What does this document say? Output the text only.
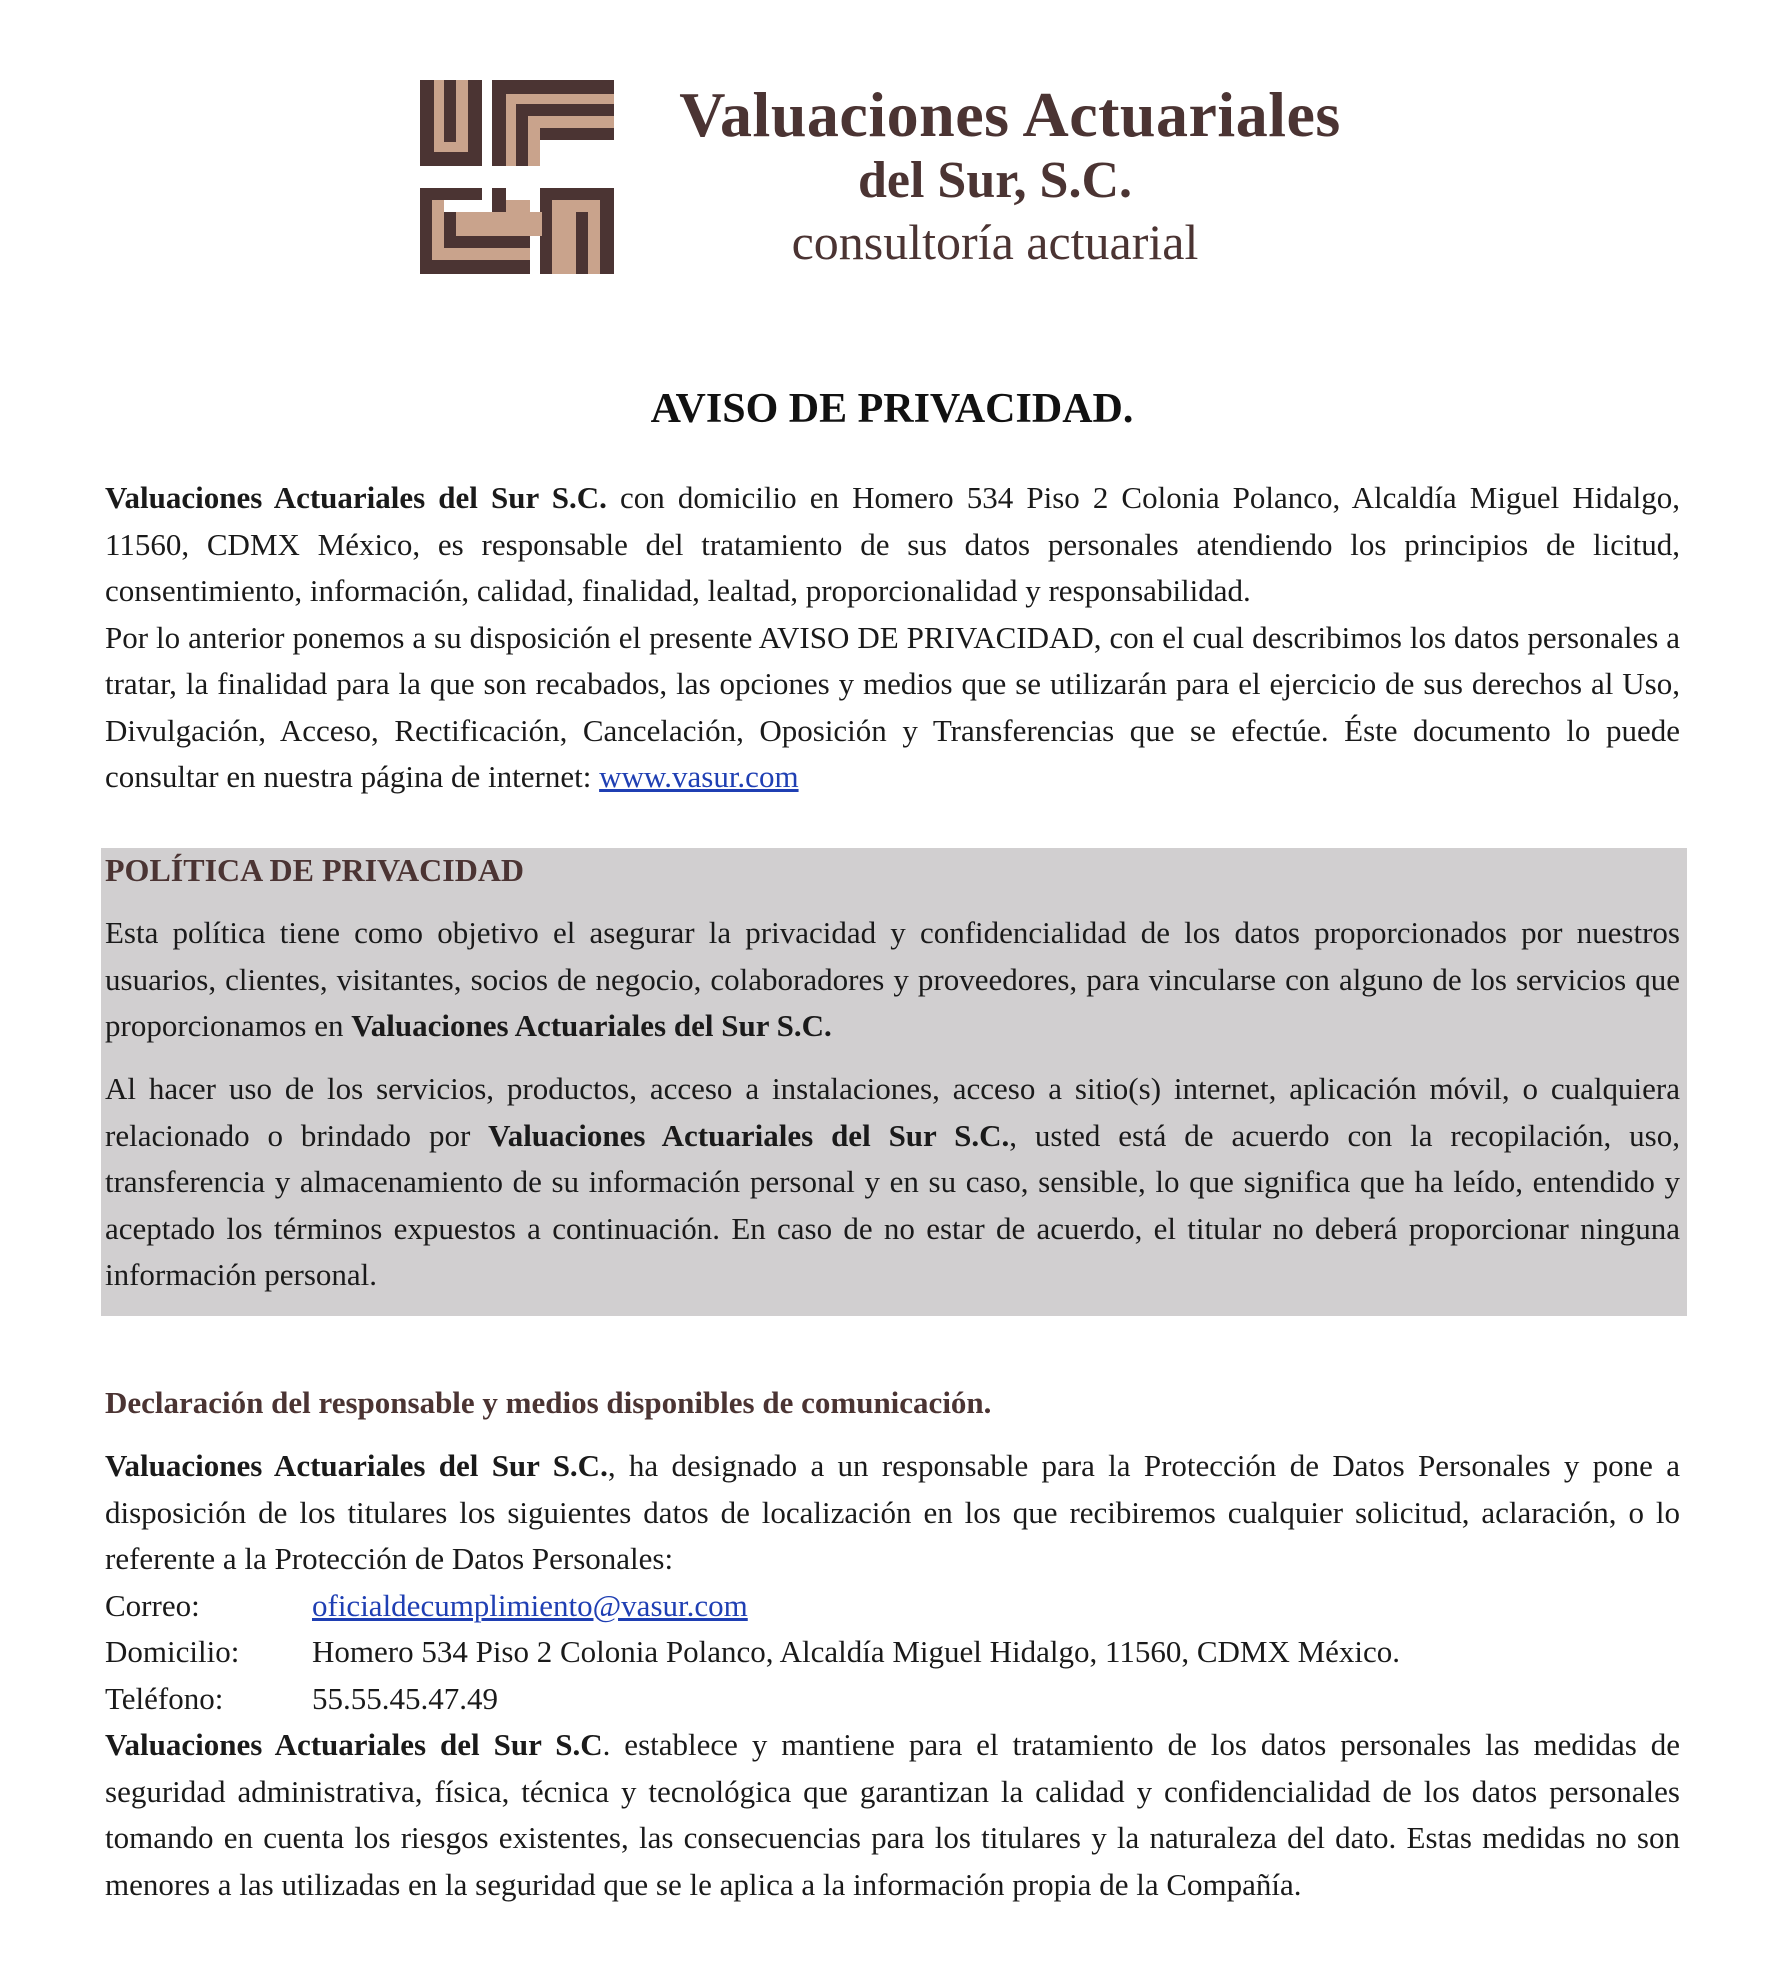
Valuaciones Actuariales
del Sur, S.C.
consultoría actuarial
AVISO DE PRIVACIDAD.

Valuaciones Actuariales del Sur S.C. con domicilio en Homero 534 Piso 2 Colonia Polanco, Alcaldía Miguel Hidalgo, 11560, CDMX México, es responsable del tratamiento de sus datos personales atendiendo los principios de licitud, consentimiento, información, calidad, finalidad, lealtad, proporcionalidad y responsabilidad.

Por lo anterior ponemos a su disposición el presente AVISO DE PRIVACIDAD, con el cual describimos los datos personales a tratar, la finalidad para la que son recabados, las opciones y medios que se utilizarán para el ejercicio de sus derechos al Uso, Divulgación, Acceso, Rectificación, Cancelación, Oposición y Transferencias que se efectúe. Éste documento lo puede consultar en nuestra página de internet: www.vasur.com

POLÍTICA DE PRIVACIDAD

Esta política tiene como objetivo el asegurar la privacidad y confidencialidad de los datos proporcionados por nuestros usuarios, clientes, visitantes, socios de negocio, colaboradores y proveedores, para vincularse con alguno de los servicios que proporcionamos en Valuaciones Actuariales del Sur S.C.

Al hacer uso de los servicios, productos, acceso a instalaciones, acceso a sitio(s) internet, aplicación móvil, o cualquiera relacionado o brindado por Valuaciones Actuariales del Sur S.C., usted está de acuerdo con la recopilación, uso, transferencia y almacenamiento de su información personal y en su caso, sensible, lo que significa que ha leído, entendido y aceptado los términos expuestos a continuación. En caso de no estar de acuerdo, el titular no deberá proporcionar ninguna información personal.

Declaración del responsable y medios disponibles de comunicación.

Valuaciones Actuariales del Sur S.C., ha designado a un responsable para la Protección de Datos Personales y pone a disposición de los titulares los siguientes datos de localización en los que recibiremos cualquier solicitud, aclaración, o lo referente a la Protección de Datos Personales:

Correo:	oficialdecumplimiento@vasur.com
Domicilio:	Homero 534 Piso 2 Colonia Polanco, Alcaldía Miguel Hidalgo, 11560, CDMX México.
Teléfono:	55.55.45.47.49

Valuaciones Actuariales del Sur S.C. establece y mantiene para el tratamiento de los datos personales las medidas de seguridad administrativa, física, técnica y tecnológica que garantizan la calidad y confidencialidad de los datos personales tomando en cuenta los riesgos existentes, las consecuencias para los titulares y la naturaleza del dato. Estas medidas no son menores a las utilizadas en la seguridad que se le aplica a la información propia de la Compañía.
